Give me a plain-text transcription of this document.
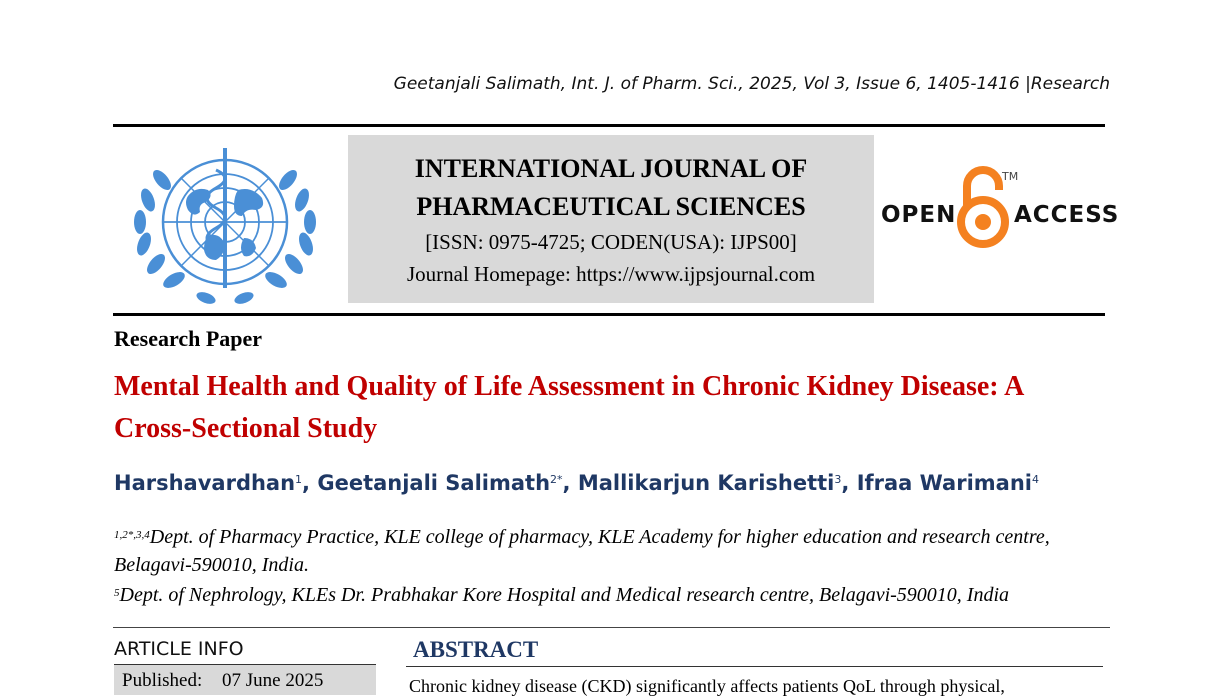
Geetanjali Salimath, Int. J. of Pharm. Sci., 2025, Vol 3, Issue 6, 1405-1416 |Research
INTERNATIONAL JOURNAL OF
PHARMACEUTICAL SCIENCES
[ISSN: 0975-4725; CODEN(USA): IJPS00]
Journal Homepage: https://www.ijpsjournal.com
OPEN
TM
ACCESS
Research Paper
Mental Health and Quality of Life Assessment in Chronic Kidney Disease: A Cross-Sectional Study
Harshavardhan$^1$, Geetanjali Salimath$^{2*}$, Mallikarjun Karishetti$^3$, Ifraa Warimani$^4$
$^{1,2*,3,4}$Dept. of Pharmacy Practice, KLE college of pharmacy, KLE Academy for higher education and research centre, Belagavi-590010, India.
$^5$Dept. of Nephrology, KLEs Dr. Prabhakar Kore Hospital and Medical research centre, Belagavi-590010, India
ARTICLE INFO
Published: 07 June 2025
ABSTRACT
Chronic kidney disease (CKD) significantly affects patients QoL through physical,
